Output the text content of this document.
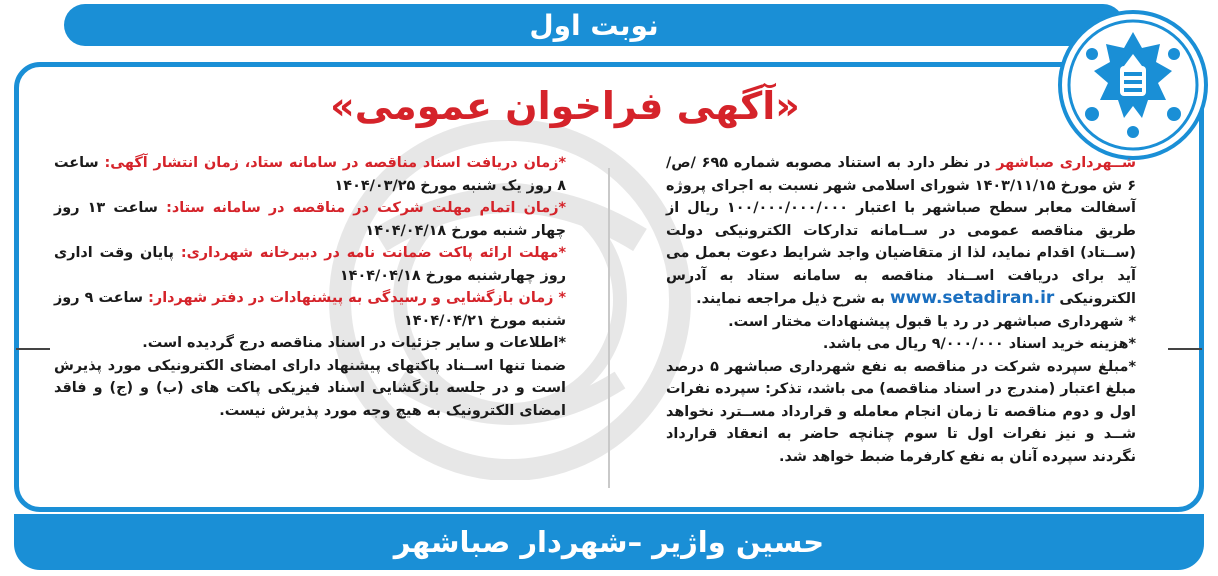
نوبت اول
«آگهی فراخوان عمومی»

شــهرداری صباشهر در نظر دارد به استناد مصوبه شماره ۶۹۵ /ص/ ۶ ش مورخ ۱۴۰۳/۱۱/۱۵ شورای اسلامی شهر نسبت به اجرای پروژه آسفالت معابر سطح صباشهر با اعتبار ۱۰۰/۰۰۰/۰۰۰/۰۰۰ ریال از طریق مناقصه عمومی در ســامانه تدارکات الکترونیکی دولت (ســتاد) اقدام نماید، لذا از متقاضیان واجد شرایط دعوت بعمل می آید برای دریافت اســناد مناقصه به سامانه ستاد به آدرس الکترونیکی www.setadiran.ir به شرح ذیل مراجعه نمایند.

* شهرداری صباشهر در رد یا قبول پیشنهادات مختار است.

*هزینه خرید اسناد ۹/۰۰۰/۰۰۰ ریال می باشد.

*مبلغ سپرده شرکت در مناقصه به نفع شهرداری صباشهر ۵ درصد مبلغ اعتبار (مندرج در اسناد مناقصه) می باشد، تذکر: سپرده نفرات اول و دوم مناقصه تا زمان انجام معامله و قرارداد مســترد نخواهد شــد و نیز نفرات اول تا سوم چنانچه حاضر به انعقاد قرارداد نگردند سپرده آنان به نفع کارفرما ضبط خواهد شد.

*زمان دریافت اسناد مناقصه در سامانه ستاد، زمان انتشار آگهی: ساعت ۸ روز یک شنبه مورخ ۱۴۰۴/۰۳/۲۵

*زمان اتمام مهلت شرکت در مناقصه در سامانه ستاد: ساعت ۱۳ روز چهار شنبه مورخ ۱۴۰۴/۰۴/۱۸

*مهلت ارائه پاکت ضمانت نامه در دبیرخانه شهرداری: پایان وقت اداری روز چهارشنبه مورخ ۱۴۰۴/۰۴/۱۸

* زمان بازگشایی و رسیدگی به پیشنهادات در دفتر شهردار: ساعت ۹ روز شنبه مورخ ۱۴۰۴/۰۴/۲۱

*اطلاعات و سایر جزئیات در اسناد مناقصه درج گردیده است.

ضمنا تنها اســناد پاکتهای پیشنهاد دارای امضای الکترونیکی مورد پذیرش است و در جلسه بازگشایی اسناد فیزیکی پاکت های (ب) و (ج) و فاقد امضای الکترونیک به هیچ وجه مورد پذیرش نیست.

حسین واژیر –شهردار صباشهر
